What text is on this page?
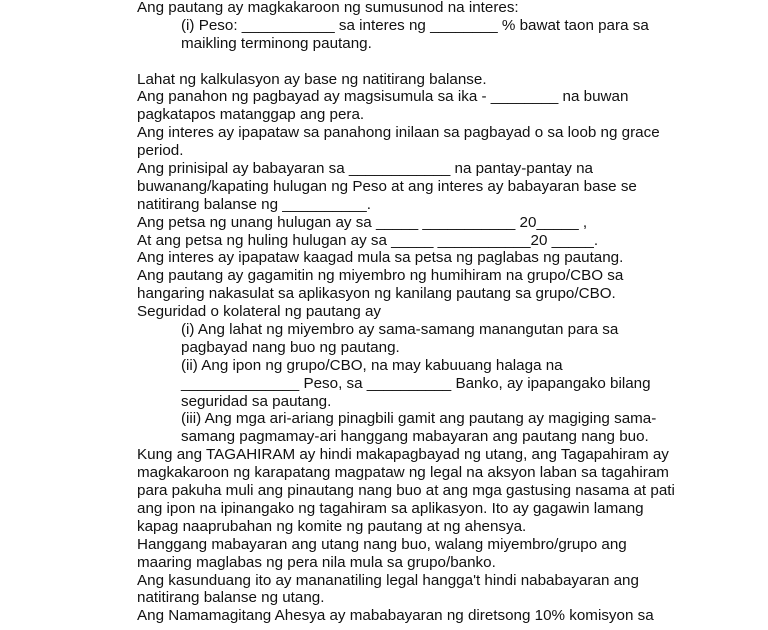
Ang pautang ay magkakaroon ng sumusunod na interes:
(i) Peso: ___________ sa interes ng ________ % bawat taon para sa
maikling terminong pautang.
Lahat ng kalkulasyon ay base ng natitirang balanse.
Ang panahon ng pagbayad ay magsisumula sa ika - ________ na buwan
pagkatapos matanggap ang pera.
Ang interes ay ipapataw sa panahong inilaan sa pagbayad o sa loob ng grace
period.
Ang prinisipal ay babayaran sa ____________ na pantay-pantay na
buwanang/kapating hulugan ng Peso at ang interes ay babayaran base se
natitirang balanse ng __________.
Ang petsa ng unang hulugan ay sa _____ ___________ 20_____ ,
At ang petsa ng huling hulugan ay sa _____ ___________20 _____.
Ang interes ay ipapataw kaagad mula sa petsa ng paglabas ng pautang.
Ang pautang ay gagamitin ng miyembro ng humihiram na grupo/CBO sa
hangaring nakasulat sa aplikasyon ng kanilang pautang sa grupo/CBO.
Seguridad o kolateral ng pautang ay
(i) Ang lahat ng miyembro ay sama-samang manangutan para sa
pagbayad nang buo ng pautang.
(ii) Ang ipon ng grupo/CBO, na may kabuuang halaga na
______________ Peso, sa __________ Banko, ay ipapangako bilang
seguridad sa pautang.
(iii) Ang mga ari-ariang pinagbili gamit ang pautang ay magiging sama-
samang pagmamay-ari hanggang mabayaran ang pautang nang buo.
Kung ang TAGAHIRAM ay hindi makapagbayad ng utang, ang Tagapahiram ay
magkakaroon ng karapatang magpataw ng legal na aksyon laban sa tagahiram
para pakuha muli ang pinautang nang buo at ang mga gastusing nasama at pati
ang ipon na ipinangako ng tagahiram sa aplikasyon. Ito ay gagawin lamang
kapag naaprubahan ng komite ng pautang at ng ahensya.
Hanggang mabayaran ang utang nang buo, walang miyembro/grupo ang
maaring maglabas ng pera nila mula sa grupo/banko.
Ang kasunduang ito ay mananatiling legal hangga't hindi nababayaran ang
natitirang balanse ng utang.
Ang Namamagitang Ahesya ay mababayaran ng diretsong 10% komisyon sa
